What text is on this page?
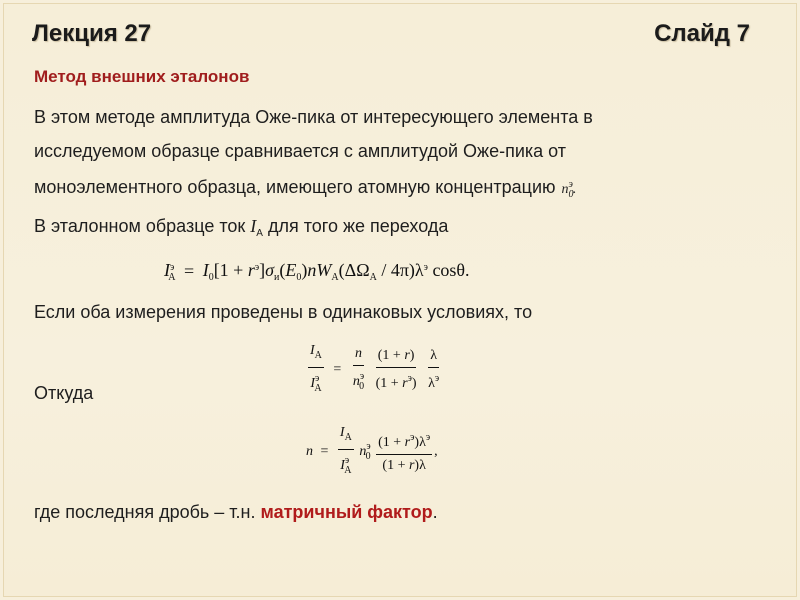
Лекция 27	Слайд 7
Метод внешних эталонов
В этом методе амплитуда Оже-пика от интересующего элемента в исследуемом образце сравнивается с амплитудой Оже-пика от моноэлементного образца, имеющего атомную концентрацию $n_0^э$.
В эталонном образце ток $I_A$ для того же перехода
$I^э_A = I_0[1 + r^э]\sigma_и(E_0)nW_A(\Delta\Omega_A / 4\pi)\lambda^э$ cosθ.
Если оба измерения проведены в одинаковых условиях, то
$\frac{I_A}{I^э_A} = \frac{n}{n^э_0}$
$\frac{(1 + r)}{(1 + r^э)}$
$\frac{\lambda}{\lambda^э}$
Откуда
$n = \frac{I_A}{I^э_A} n^э_0 \frac{(1 + r^э)\lambda^э}{(1 + r)\lambda}$ ,
где последняя дробь – т.н. матричный фактор.
